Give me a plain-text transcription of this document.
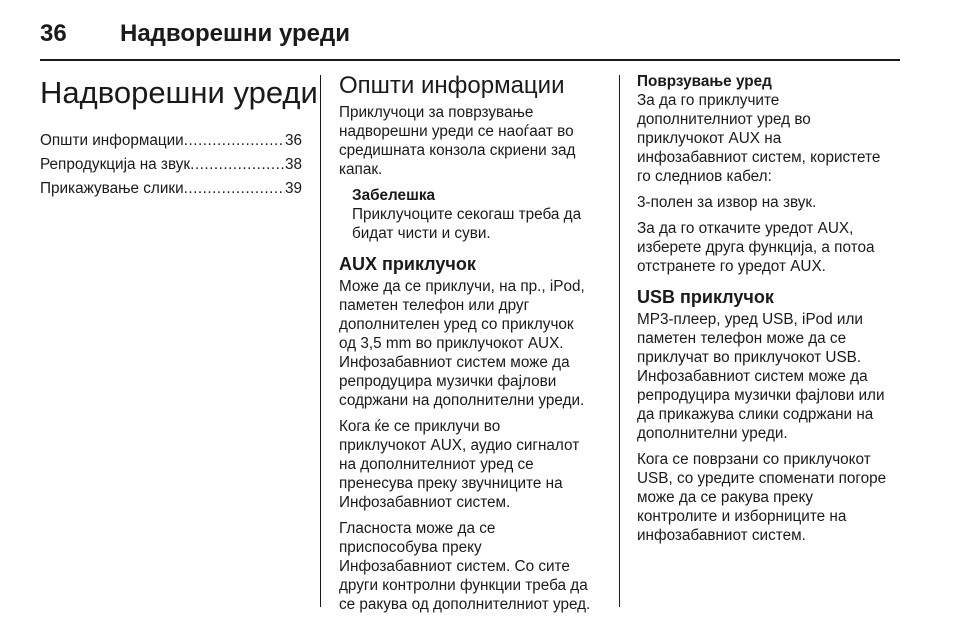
36 Надворешни уреди
Надворешни уреди
Општи информации .....	36
Репродукција на звук .....	38
Прикажување слики .....	39
Општи информации

Приклучоци за поврзување
надворешни уреди се наоѓаат во
средишната конзола скриени зад
капак.

Забелешка
Приклучоците секогаш треба да
бидат чисти и суви.
AUX приклучок

Може да се приклучи, на пр., iPod,
паметен телефон или друг
дополнителен уред со приклучок
од 3,5 mm во приклучокот AUX.
Инфозабавниот систем може да
репродуцира музички фајлови
содржани на дополнителни уреди.

Кога ќе се приклучи во
приклучокот AUX, аудио сигналот
на дополнителниот уред се
пренесува преку звучниците на
Инфозабавниот систем.

Гласноста може да се
приспособува преку
Инфозабавниот систем. Со сите
други контролни функции треба да
се ракува од дополнителниот уред.

Поврзување уред

За да го приклучите
дополнителниот уред во
приклучокот AUX на
инфозабавниот систем, користете
го следниов кабел:

3-полен за извор на звук.

За да го откачите уредот AUX,
изберете друга функција, а потоа
отстранете го уредот AUX.

USB приклучок

MP3-плеер, уред USB, iPod или
паметен телефон може да се
приклучат во приклучокот USB.
Инфозабавниот систем може да
репродуцира музички фајлови или
да прикажува слики содржани на
дополнителни уреди.

Кога се поврзани со приклучокот
USB, со уредите споменати погоре
може да се ракува преку
контролите и изборниците на
инфозабавниот систем.
